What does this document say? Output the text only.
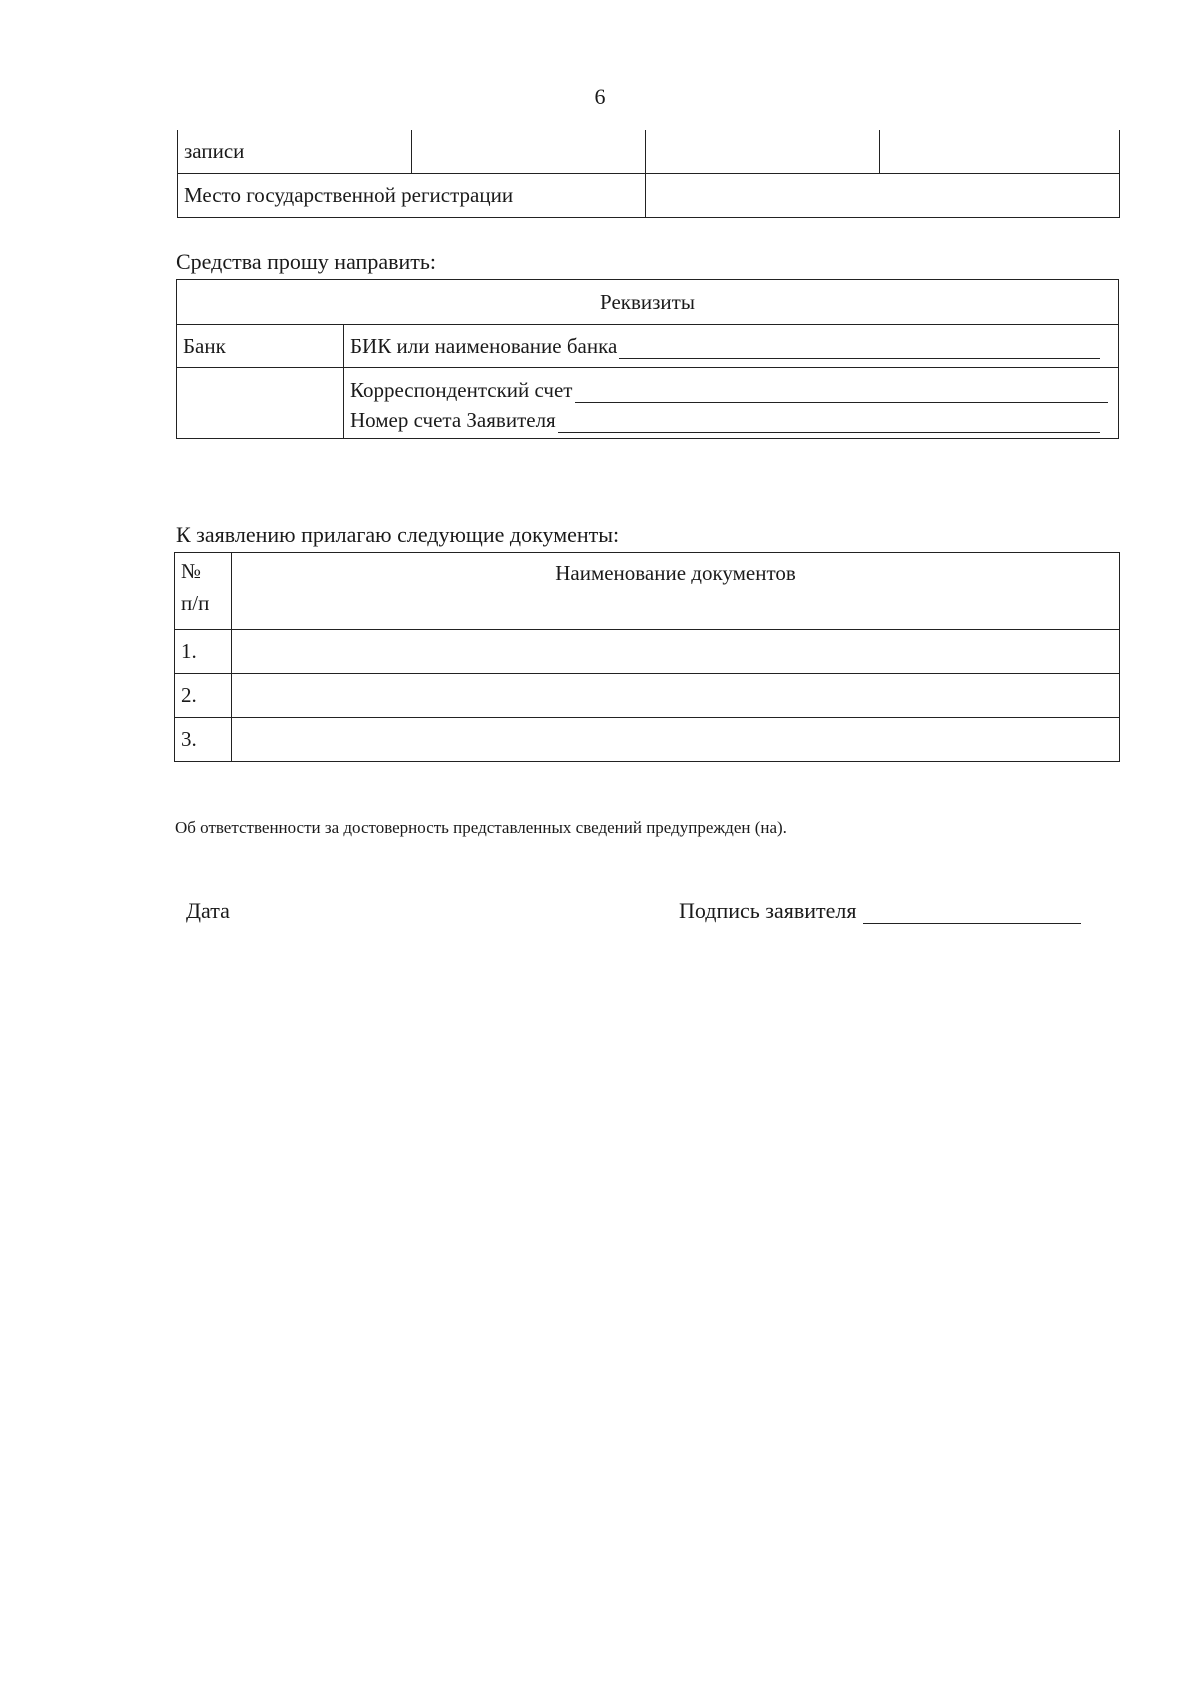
6
записи			
Место государственной регистрации			
Средства прошу направить:
Реквизиты	
Банк	БИК или наименование банка

	Корреспондентский счет
Номер счета Заявителя
К заявлению прилагаю следующие документы:
№
п/п	Наименование документов
1.	
2.	
3.	
Об ответственности за достоверность представленных сведений предупрежден (на).
Дата	Подпись заявителя
